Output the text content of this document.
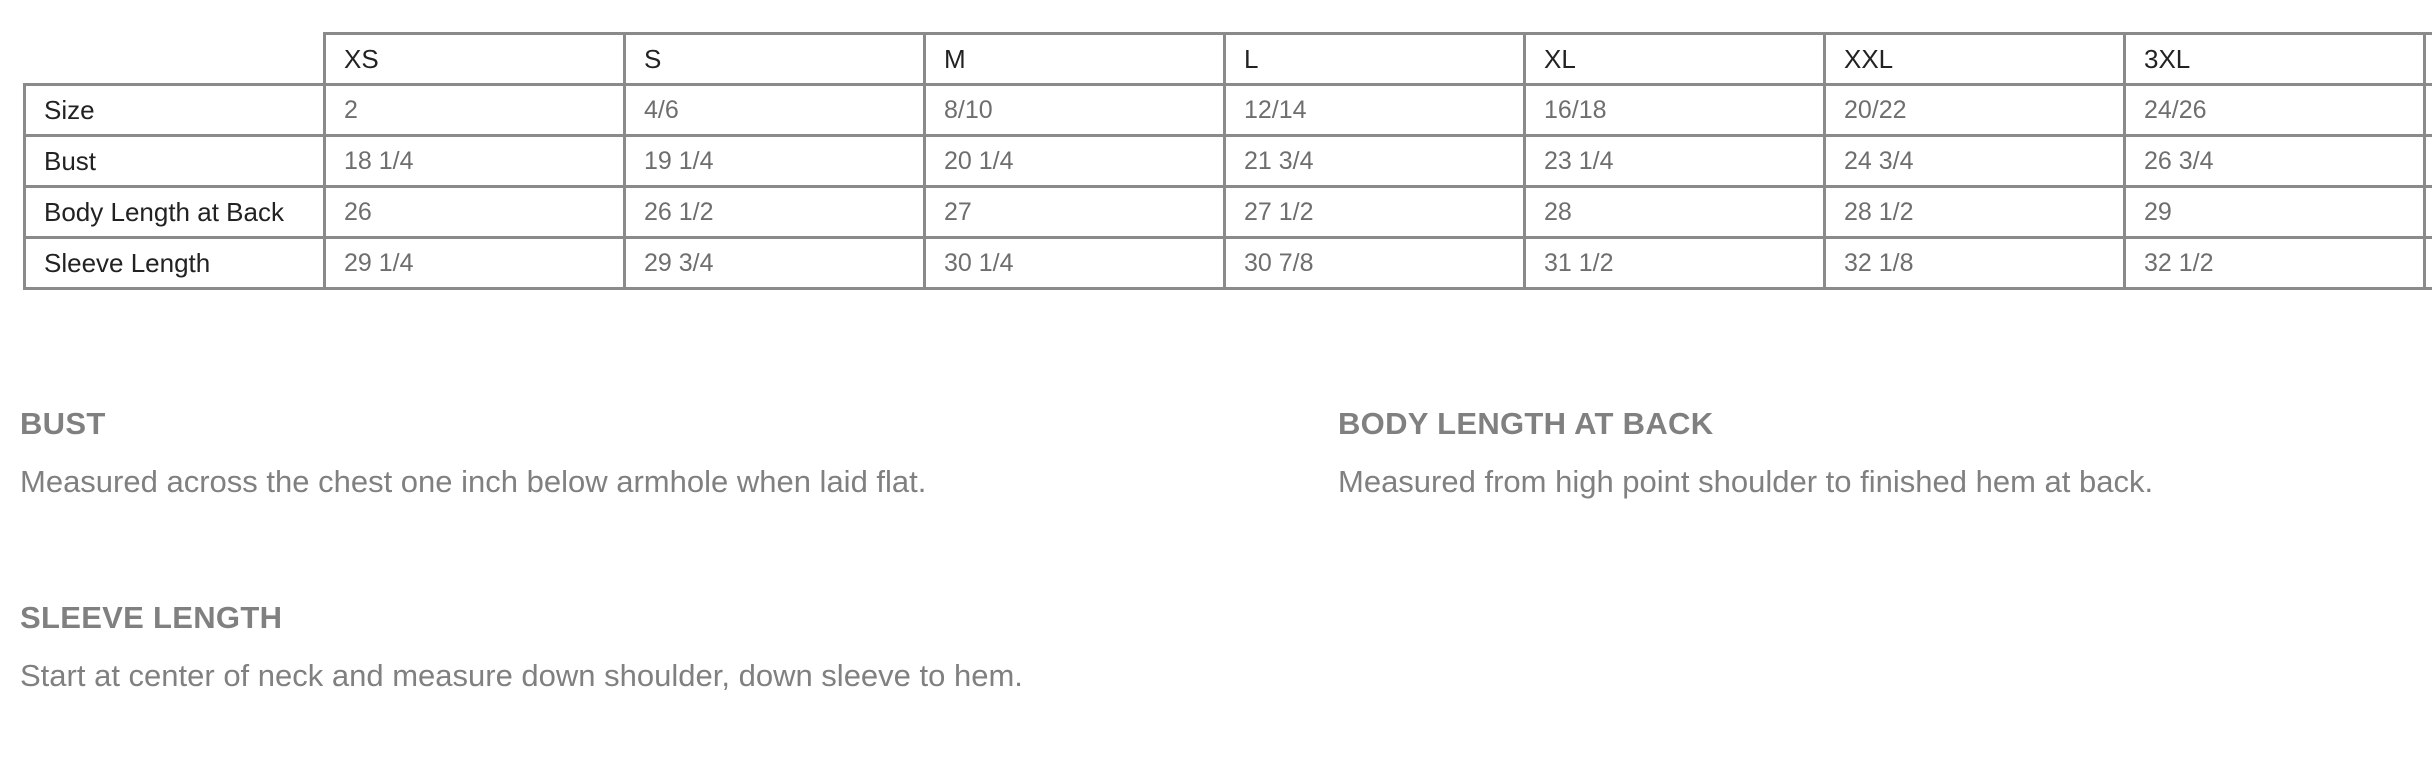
	XS	S	M	L	XL	XXL	3XL	
Size	2	4/6	8/10	12/14	16/18	20/22	24/26	
Bust	18 1/4	19 1/4	20 1/4	21 3/4	23 1/4	24 3/4	26 3/4	
Body Length at Back	26	26 1/2	27	27 1/2	28	28 1/2	29	
Sleeve Length	29 1/4	29 3/4	30 1/4	30 7/8	31 1/2	32 1/8	32 1/2	
BUST

Measured across the chest one inch below armhole when laid flat.

BODY LENGTH AT BACK

Measured from high point shoulder to finished hem at back.

SLEEVE LENGTH

Start at center of neck and measure down shoulder, down sleeve to hem.
